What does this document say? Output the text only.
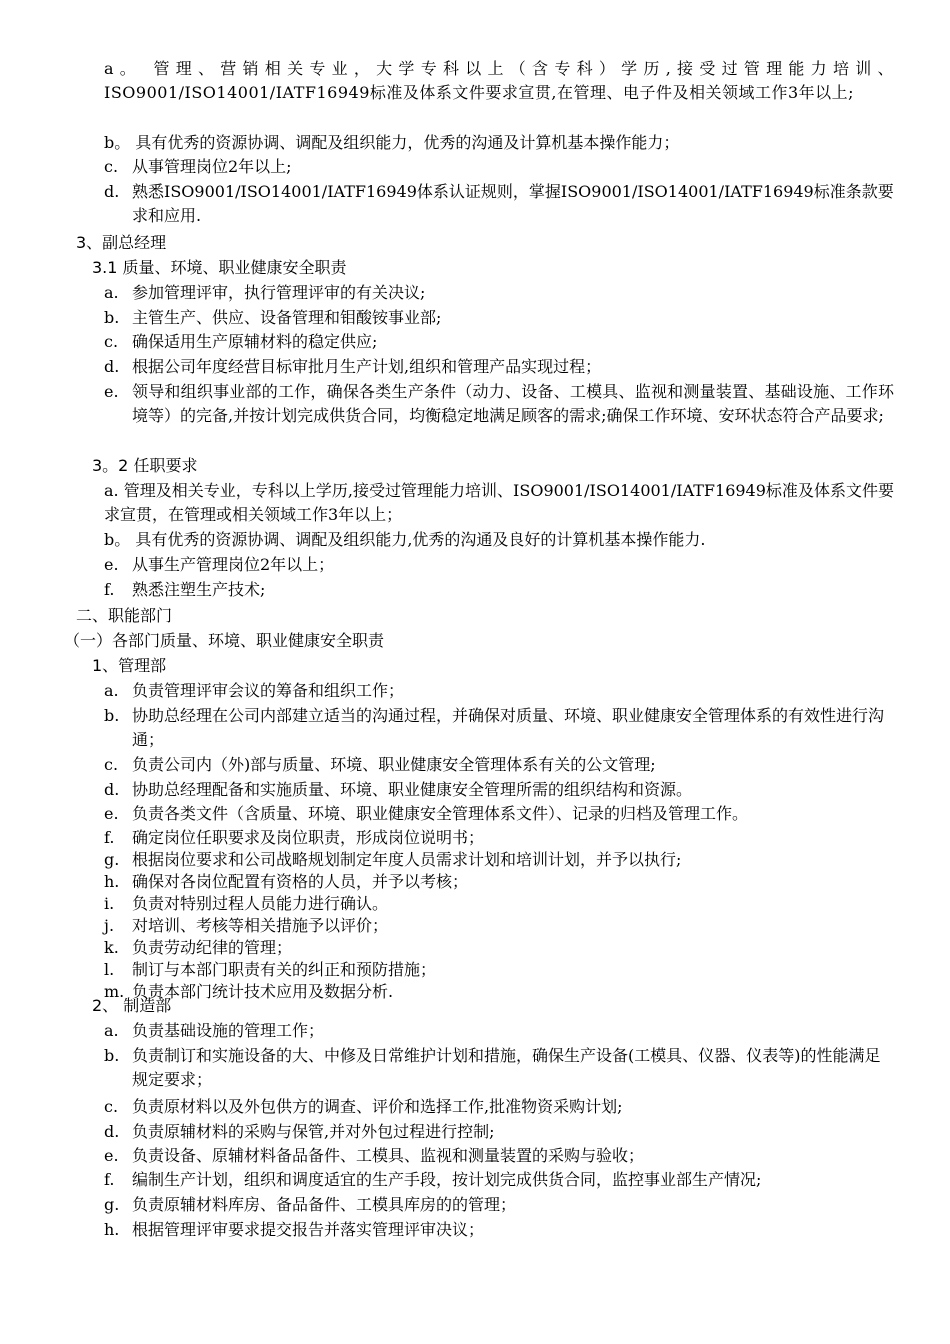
a。 管理、营销相关专业，大学专科以上（含专科）学历,接受过管理能力培训、ISO9001/ISO14001/IATF16949标准及体系文件要求宣贯,在管理、电子件及相关领域工作3年以上;
b。 具有优秀的资源协调、调配及组织能力，优秀的沟通及计算机基本操作能力；
c. 从事管理岗位2年以上;
d. 熟悉ISO9001/ISO14001/IATF16949体系认证规则，掌握ISO9001/ISO14001/IATF16949标准条款要求和应用.
3、副总经理
3.1 质量、环境、职业健康安全职责
a. 参加管理评审，执行管理评审的有关决议;
b. 主管生产、供应、设备管理和钼酸铵事业部;
c. 确保适用生产原辅材料的稳定供应;
d. 根据公司年度经营目标审批月生产计划,组织和管理产品实现过程；
e. 领导和组织事业部的工作，确保各类生产条件（动力、设备、工模具、监视和测量装置、基础设施、工作环境等）的完备,并按计划完成供货合同，均衡稳定地满足顾客的需求;确保工作环境、安环状态符合产品要求;
3。2 任职要求
a. 管理及相关专业，专科以上学历,接受过管理能力培训、ISO9001/ISO14001/IATF16949标准及体系文件要求宣贯，在管理或相关领域工作3年以上；
b。 具有优秀的资源协调、调配及组织能力,优秀的沟通及良好的计算机基本操作能力.
e. 从事生产管理岗位2年以上；
f. 熟悉注塑生产技术;
二、职能部门
（一）各部门质量、环境、职业健康安全职责
1、管理部
a. 负责管理评审会议的筹备和组织工作；
b. 协助总经理在公司内部建立适当的沟通过程，并确保对质量、环境、职业健康安全管理体系的有效性进行沟通；
c. 负责公司内（外)部与质量、环境、职业健康安全管理体系有关的公文管理;
d. 协助总经理配备和实施质量、环境、职业健康安全管理所需的组织结构和资源。
e. 负责各类文件（含质量、环境、职业健康安全管理体系文件）、记录的归档及管理工作。
f. 确定岗位任职要求及岗位职责，形成岗位说明书；
g. 根据岗位要求和公司战略规划制定年度人员需求计划和培训计划，并予以执行;
h. 确保对各岗位配置有资格的人员，并予以考核；
i. 负责对特别过程人员能力进行确认。
j. 对培训、考核等相关措施予以评价；
k. 负责劳动纪律的管理；
l. 制订与本部门职责有关的纠正和预防措施；
m. 负责本部门统计技术应用及数据分析.
2、 制造部
a. 负责基础设施的管理工作；
b. 负责制订和实施设备的大、中修及日常维护计划和措施，确保生产设备(工模具、仪器、仪表等)的性能满足规定要求；
c. 负责原材料以及外包供方的调查、评价和选择工作,批准物资采购计划;
d. 负责原辅材料的采购与保管,并对外包过程进行控制;
e. 负责设备、原辅材料备品备件、工模具、监视和测量装置的采购与验收；
f. 编制生产计划，组织和调度适宜的生产手段，按计划完成供货合同，监控事业部生产情况;
g. 负责原辅材料库房、备品备件、工模具库房的的管理；
h. 根据管理评审要求提交报告并落实管理评审决议；
